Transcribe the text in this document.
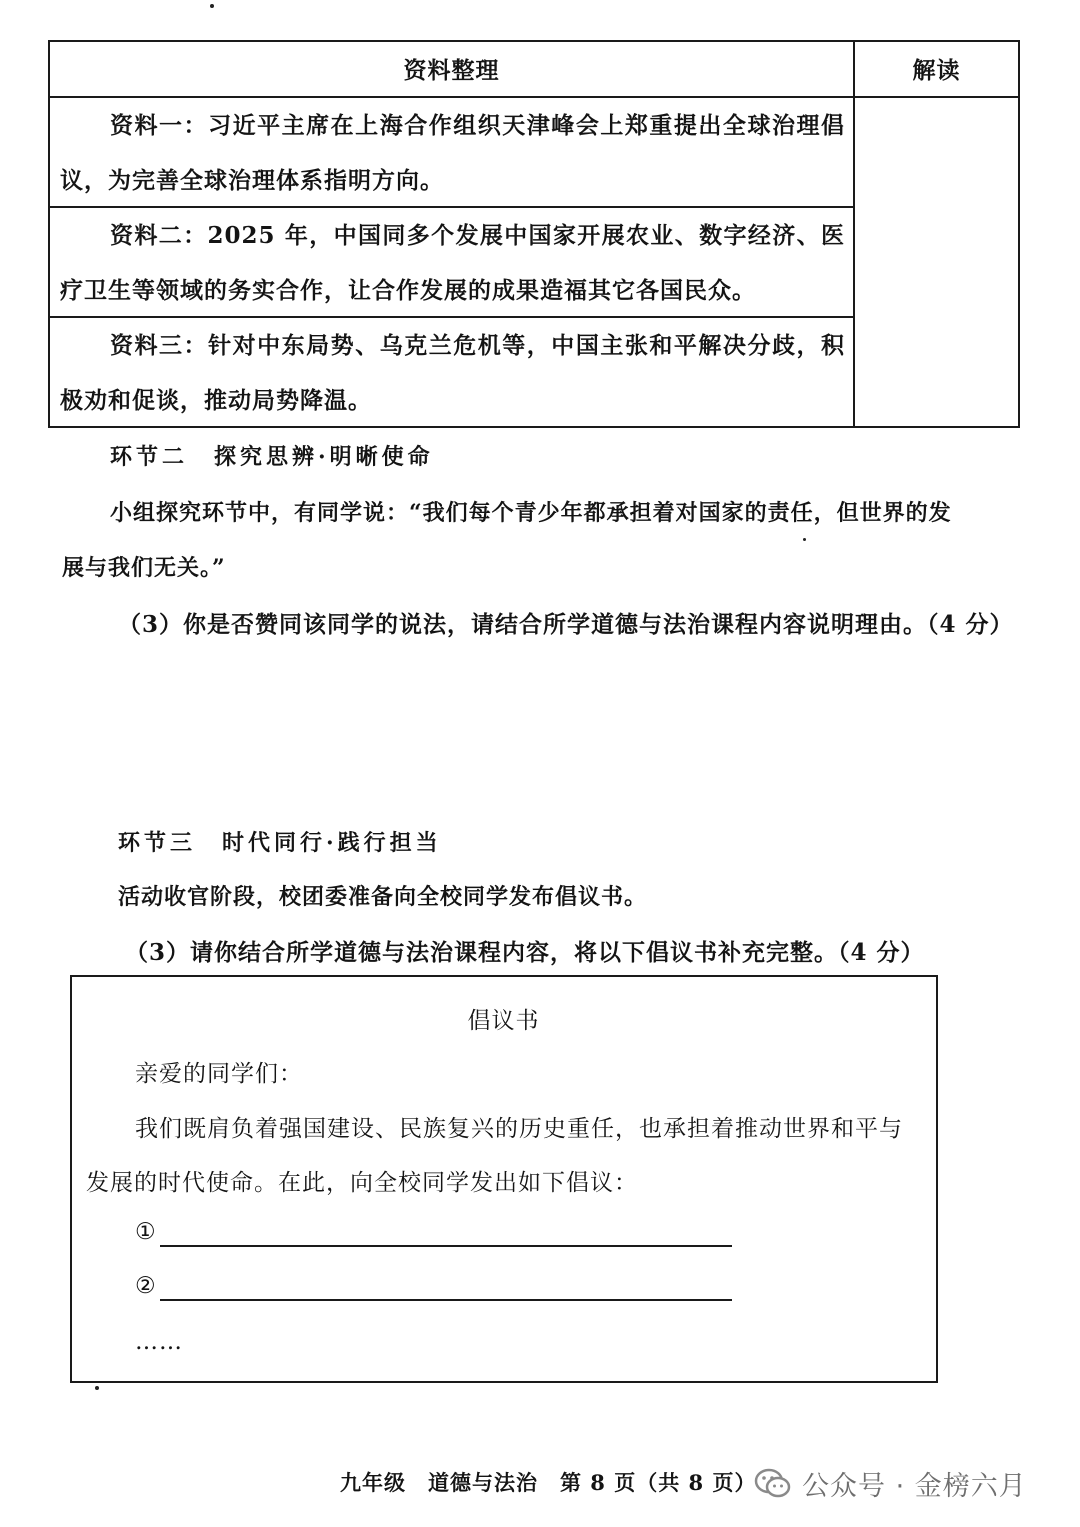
资料整理	解读
资料一：习近平主席在上海合作组织天津峰会上郑重提出全球治理倡议，为完善全球治理体系指明方向。
资料二：2025 年，中国同多个发展中国家开展农业、数字经济、医疗卫生等领域的务实合作，让合作发展的成果造福其它各国民众。
资料三：针对中东局势、乌克兰危机等，中国主张和平解决分歧，积极劝和促谈，推动局势降温。
环节二　探究思辨·明晰使命
小组探究环节中，有同学说：“我们每个青少年都承担着对国家的责任，但世界的发
展与我们无关。”
（3）你是否赞同该同学的说法，请结合所学道德与法治课程内容说明理由。（4 分）
环节三　时代同行·践行担当
活动收官阶段，校团委准备向全校同学发布倡议书。
（3）请你结合所学道德与法治课程内容，将以下倡议书补充完整。（4 分）
倡议书
亲爱的同学们：
我们既肩负着强国建设、民族复兴的历史重任，也承担着推动世界和平与
发展的时代使命。在此，向全校同学发出如下倡议：
①
②
……
九年级　道德与法治　第 8 页（共 8 页） 公众号 · 金榜六月
